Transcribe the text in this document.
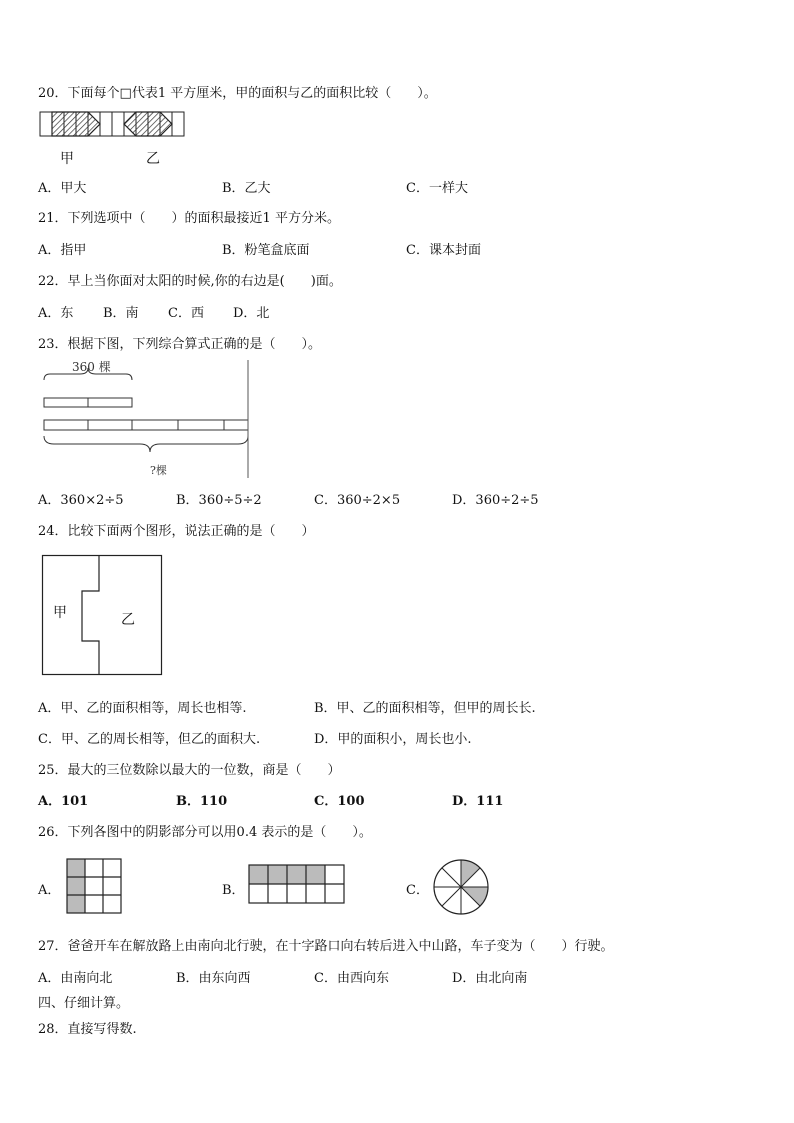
20．下面每个□代表1 平方厘米，甲的面积与乙的面积比较（　　）。
甲	乙
A．甲大	B．乙大	C．一样大
21．下列选项中（　　）的面积最接近1 平方分米。
A．指甲	B．粉笔盒底面	C．课本封面
22．早上当你面对太阳的时候,你的右边是(　　)面。
A．东 B．南 C．西 D．北
23．根据下图，下列综合算式正确的是（　　）。
360 棵
?棵
A．360×2÷5	B．360÷5÷2	C．360÷2×5	D．360÷2÷5
24．比较下面两个图形，说法正确的是（　　）
甲	乙
A．甲、乙的面积相等，周长也相等.	B．甲、乙的面积相等，但甲的周长长.
C．甲、乙的周长相等，但乙的面积大.	D．甲的面积小，周长也小.
25．最大的三位数除以最大的一位数，商是（　　）
A．101	B．110	C．100	D．111
26．下列各图中的阴影部分可以用0.4 表示的是（　　）。
A．	B．	C．
27．爸爸开车在解放路上由南向北行驶，在十字路口向右转后进入中山路，车子变为（　　）行驶。
A．由南向北	B．由东向西	C．由西向东	D．由北向南
四、仔细计算。
28．直接写得数.
